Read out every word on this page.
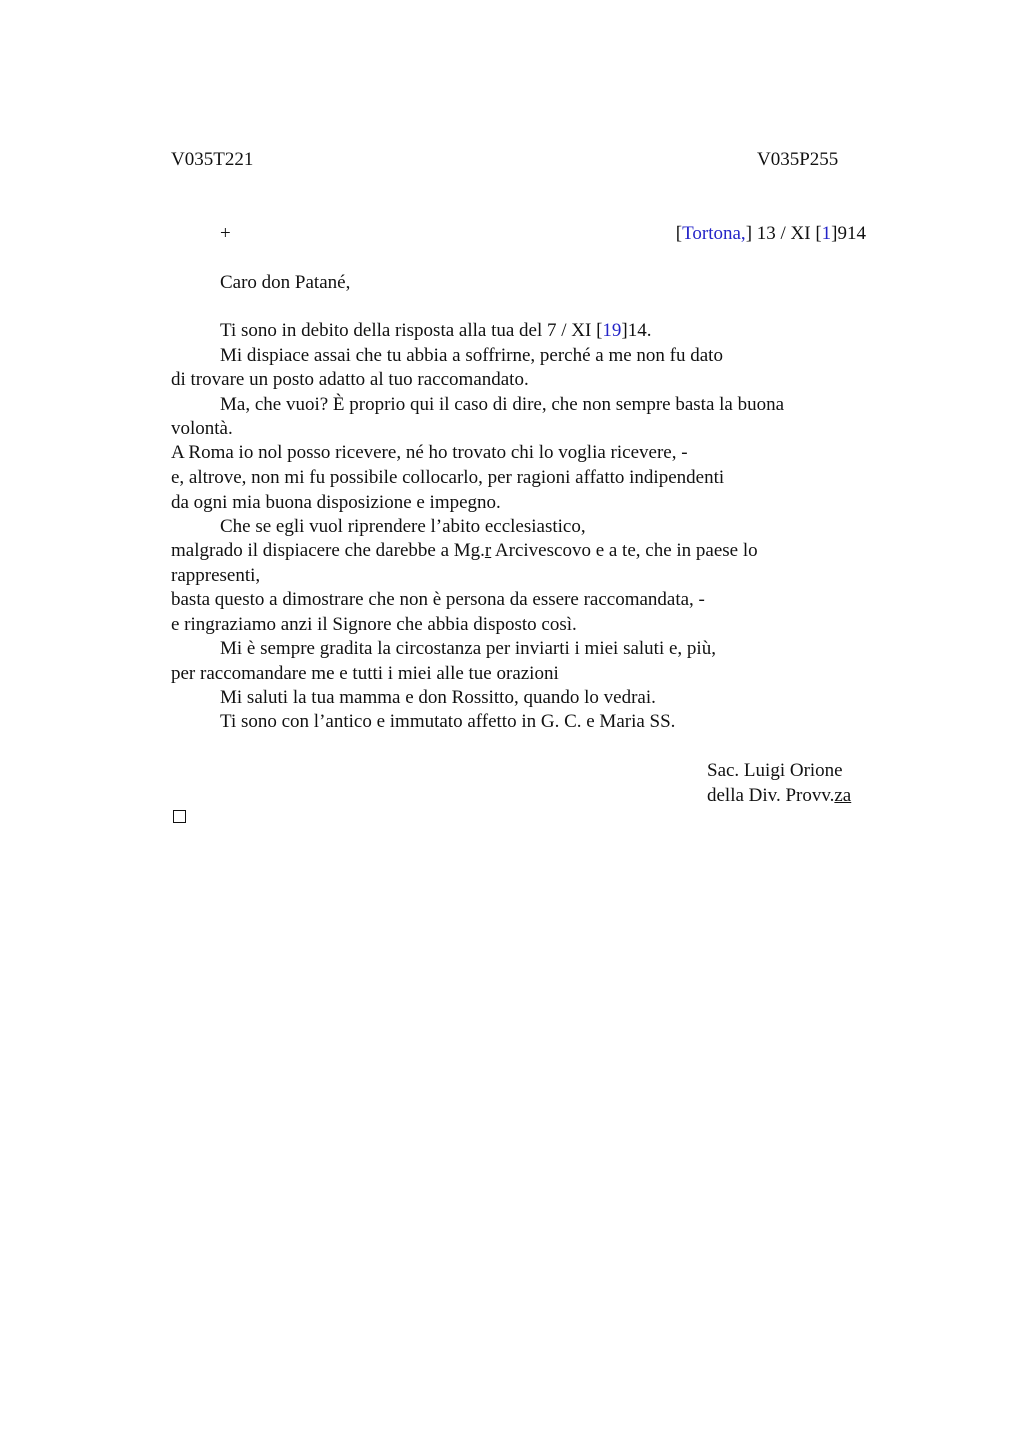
V035T221	V035P255
+	[Tortona,] 13 / XI [1]914
Caro don Patané,
Ti sono in debito della risposta alla tua del 7 / XI [19]14.
Mi dispiace assai che tu abbia a soffrirne, perché a me non fu dato
di trovare un posto adatto al tuo raccomandato.
Ma, che vuoi? È proprio qui il caso di dire, che non sempre basta la buona
volontà.
A Roma io nol posso ricevere, né ho trovato chi lo voglia ricevere, -
e, altrove, non mi fu possibile collocarlo, per ragioni affatto indipendenti
da ogni mia buona disposizione e impegno.
Che se egli vuol riprendere l’abito ecclesiastico,
malgrado il dispiacere che darebbe a Mg.r Arcivescovo e a te, che in paese lo
rappresenti,
basta questo a dimostrare che non è persona da essere raccomandata, -
e ringraziamo anzi il Signore che abbia disposto così.
Mi è sempre gradita la circostanza per inviarti i miei saluti e, più,
per raccomandare me e tutti i miei alle tue orazioni
Mi saluti la tua mamma e don Rossitto, quando lo vedrai.
Ti sono con l’antico e immutato affetto in G. C. e Maria SS.
Sac. Luigi Orione
della Div. Provv.za
